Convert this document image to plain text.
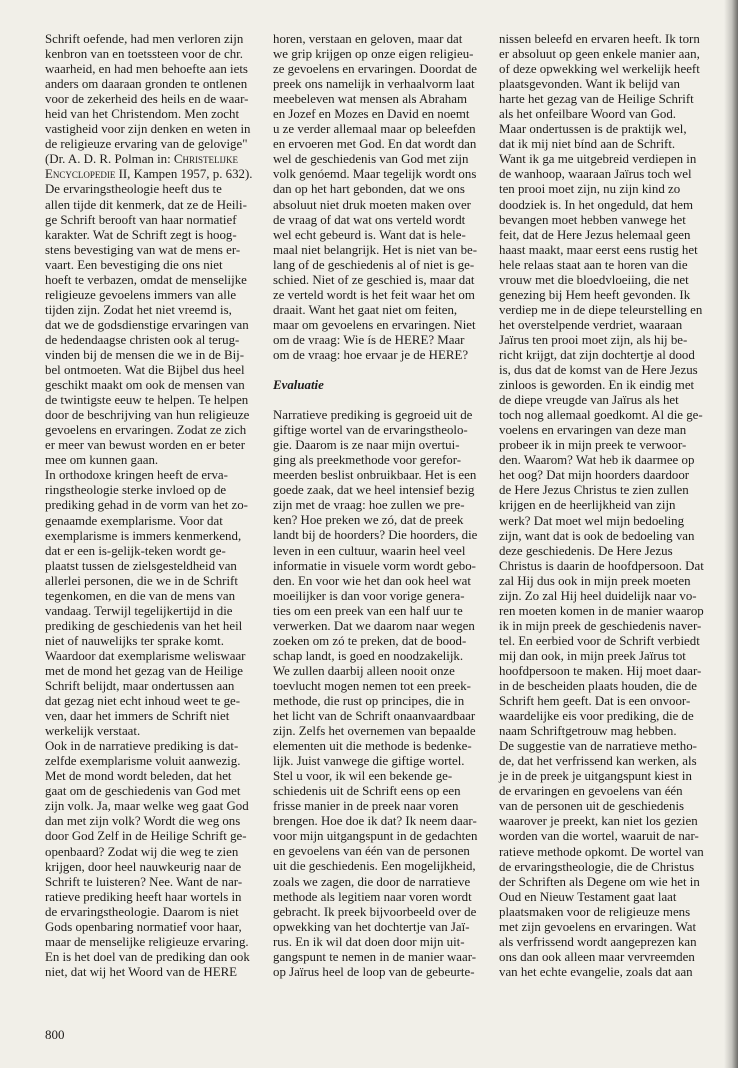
Schrift oefende, had men verloren zijn
kenbron van en toetssteen voor de chr.
waarheid, en had men behoefte aan iets
anders om daaraan gronden te ontlenen
voor de zekerheid des heils en de waar-
heid van het Christendom. Men zocht
vastigheid voor zijn denken en weten in
de religieuze ervaring van de gelovige"
(Dr. A. D. R. Polman in: Christelijke
Encyclopedie II, Kampen 1957, p. 632).
De ervaringstheologie heeft dus te
allen tijde dit kenmerk, dat ze de Heili-
ge Schrift berooft van haar normatief
karakter. Wat de Schrift zegt is hoog-
stens bevestiging van wat de mens er-
vaart. Een bevestiging die ons niet
hoeft te verbazen, omdat de menselijke
religieuze gevoelens immers van alle
tijden zijn. Zodat het niet vreemd is,
dat we de godsdienstige ervaringen van
de hedendaagse christen ook al terug-
vinden bij de mensen die we in de Bij-
bel ontmoeten. Wat die Bijbel dus heel
geschikt maakt om ook de mensen van
de twintigste eeuw te helpen. Te helpen
door de beschrijving van hun religieuze
gevoelens en ervaringen. Zodat ze zich
er meer van bewust worden en er beter
mee om kunnen gaan.
In orthodoxe kringen heeft de erva-
ringstheologie sterke invloed op de
prediking gehad in de vorm van het zo-
genaamde exemplarisme. Voor dat
exemplarisme is immers kenmerkend,
dat er een is-gelijk-teken wordt ge-
plaatst tussen de zielsgesteldheid van
allerlei personen, die we in de Schrift
tegenkomen, en die van de mens van
vandaag. Terwijl tegelijkertijd in die
prediking de geschiedenis van het heil
niet of nauwelijks ter sprake komt.
Waardoor dat exemplarisme weliswaar
met de mond het gezag van de Heilige
Schrift belijdt, maar ondertussen aan
dat gezag niet echt inhoud weet te ge-
ven, daar het immers de Schrift niet
werkelijk verstaat.
Ook in de narratieve prediking is dat-
zelfde exemplarisme voluit aanwezig.
Met de mond wordt beleden, dat het
gaat om de geschiedenis van God met
zijn volk. Ja, maar welke weg gaat God
dan met zijn volk? Wordt die weg ons
door God Zelf in de Heilige Schrift ge-
openbaard? Zodat wij die weg te zien
krijgen, door heel nauwkeurig naar de
Schrift te luisteren? Nee. Want de nar-
ratieve prediking heeft haar wortels in
de ervaringstheologie. Daarom is niet
Gods openbaring normatief voor haar,
maar de menselijke religieuze ervaring.
En is het doel van de prediking dan ook
niet, dat wij het Woord van de HERE
horen, verstaan en geloven, maar dat
we grip krijgen op onze eigen religieu-
ze gevoelens en ervaringen. Doordat de
preek ons namelijk in verhaalvorm laat
meebeleven wat mensen als Abraham
en Jozef en Mozes en David en noemt
u ze verder allemaal maar op beleefden
en ervoeren met God. En dat wordt dan
wel de geschiedenis van God met zijn
volk genóemd. Maar tegelijk wordt ons
dan op het hart gebonden, dat we ons
absoluut niet druk moeten maken over
de vraag of dat wat ons verteld wordt
wel echt gebeurd is. Want dat is hele-
maal niet belangrijk. Het is niet van be-
lang of de geschiedenis al of niet is ge-
schied. Niet of ze geschied is, maar dat
ze verteld wordt is het feit waar het om
draait. Want het gaat niet om feiten,
maar om gevoelens en ervaringen. Niet
om de vraag: Wie ís de HERE? Maar
om de vraag: hoe ervaar je de HERE?
Evaluatie
Narratieve prediking is gegroeid uit de
giftige wortel van de ervaringstheolo-
gie. Daarom is ze naar mijn overtui-
ging als preekmethode voor gerefor-
meerden beslist onbruikbaar. Het is een
goede zaak, dat we heel intensief bezig
zijn met de vraag: hoe zullen we pre-
ken? Hoe preken we zó, dat de preek
landt bij de hoorders? Die hoorders, die
leven in een cultuur, waarin heel veel
informatie in visuele vorm wordt gebo-
den. En voor wie het dan ook heel wat
moeilijker is dan voor vorige genera-
ties om een preek van een half uur te
verwerken. Dat we daarom naar wegen
zoeken om zó te preken, dat de bood-
schap landt, is goed en noodzakelijk.
We zullen daarbij alleen nooit onze
toevlucht mogen nemen tot een preek-
methode, die rust op principes, die in
het licht van de Schrift onaanvaardbaar
zijn. Zelfs het overnemen van bepaalde
elementen uit die methode is bedenke-
lijk. Juist vanwege die giftige wortel.
Stel u voor, ik wil een bekende ge-
schiedenis uit de Schrift eens op een
frisse manier in de preek naar voren
brengen. Hoe doe ik dat? Ik neem daar-
voor mijn uitgangspunt in de gedachten
en gevoelens van één van de personen
uit die geschiedenis. Een mogelijkheid,
zoals we zagen, die door de narratieve
methode als legitiem naar voren wordt
gebracht. Ik preek bijvoorbeeld over de
opwekking van het dochtertje van Jaï-
rus. En ik wil dat doen door mijn uit-
gangspunt te nemen in de manier waar-
op Jaïrus heel de loop van de gebeurte-
nissen beleefd en ervaren heeft. Ik torn
er absoluut op geen enkele manier aan,
of deze opwekking wel werkelijk heeft
plaatsgevonden. Want ik belijd van
harte het gezag van de Heilige Schrift
als het onfeilbare Woord van God.
Maar ondertussen is de praktijk wel,
dat ik mij niet bínd aan de Schrift.
Want ik ga me uitgebreid verdiepen in
de wanhoop, waaraan Jaïrus toch wel
ten prooi moet zijn, nu zijn kind zo
doodziek is. In het ongeduld, dat hem
bevangen moet hebben vanwege het
feit, dat de Here Jezus helemaal geen
haast maakt, maar eerst eens rustig het
hele relaas staat aan te horen van die
vrouw met die bloedvloeiing, die net
genezing bij Hem heeft gevonden. Ik
verdiep me in de diepe teleurstelling en
het overstelpende verdriet, waaraan
Jaïrus ten prooi moet zijn, als hij be-
richt krijgt, dat zijn dochtertje al dood
is, dus dat de komst van de Here Jezus
zinloos is geworden. En ik eindig met
de diepe vreugde van Jaïrus als het
toch nog allemaal goedkomt. Al die ge-
voelens en ervaringen van deze man
probeer ik in mijn preek te verwoor-
den. Waarom? Wat heb ik daarmee op
het oog? Dat mijn hoorders daardoor
de Here Jezus Christus te zien zullen
krijgen en de heerlijkheid van zijn
werk? Dat moet wel mijn bedoeling
zijn, want dat is ook de bedoeling van
deze geschiedenis. De Here Jezus
Christus is daarin de hoofdpersoon. Dat
zal Hij dus ook in mijn preek moeten
zijn. Zo zal Hij heel duidelijk naar vo-
ren moeten komen in de manier waarop
ik in mijn preek de geschiedenis naver-
tel. En eerbied voor de Schrift verbiedt
mij dan ook, in mijn preek Jaïrus tot
hoofdpersoon te maken. Hij moet daar-
in de bescheiden plaats houden, die de
Schrift hem geeft. Dat is een onvoor-
waardelijke eis voor prediking, die de
naam Schriftgetrouw mag hebben.
De suggestie van de narratieve metho-
de, dat het verfrissend kan werken, als
je in de preek je uitgangspunt kiest in
de ervaringen en gevoelens van één
van de personen uit de geschiedenis
waarover je preekt, kan niet los gezien
worden van die wortel, waaruit de nar-
ratieve methode opkomt. De wortel van
de ervaringstheologie, die de Christus
der Schriften als Degene om wie het in
Oud en Nieuw Testament gaat laat
plaatsmaken voor de religieuze mens
met zijn gevoelens en ervaringen. Wat
als verfrissend wordt aangeprezen kan
ons dan ook alleen maar vervreemden
van het echte evangelie, zoals dat aan
800
